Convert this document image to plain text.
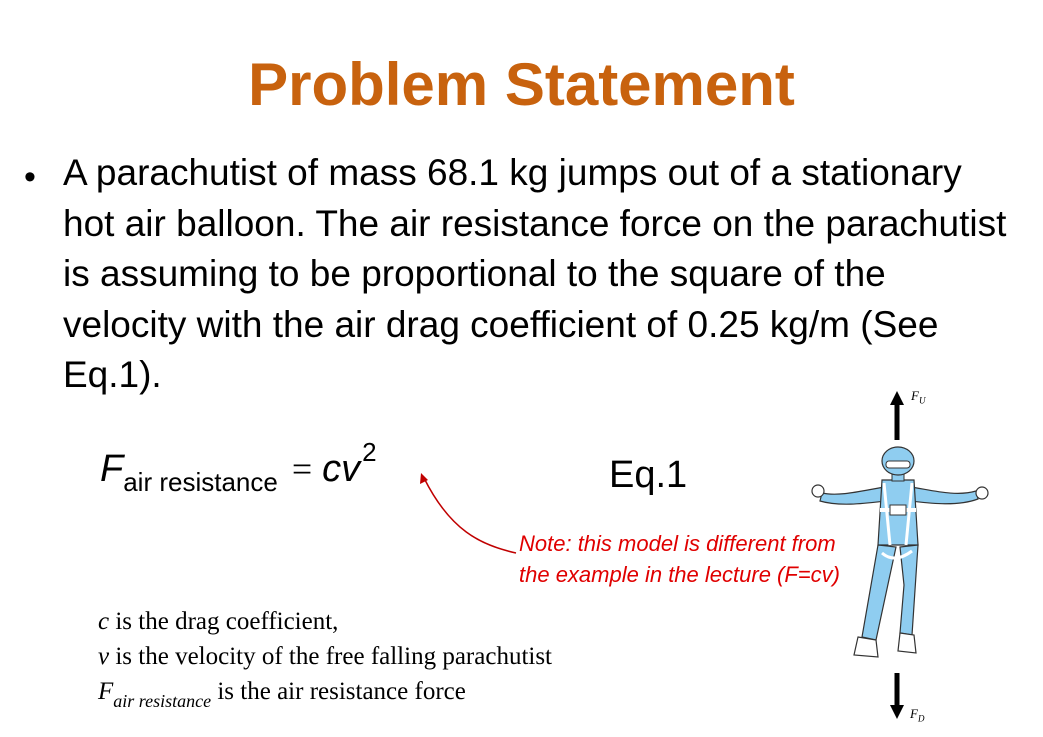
Problem Statement
• A parachutist of mass 68.1 kg jumps out of a stationary hot air balloon. The air resistance force on the parachutist is assuming to be proportional to the square of the velocity with the air drag coefficient of 0.25 kg/m (See Eq.1).
$F_{air resistance} = cv^2$
Eq.1
Note: this model is different from the example in the lecture (F=cv)
c is the drag coefficient,
v is the velocity of the free falling parachutist
$F_{air resistance}$ is the air resistance force
$F_U$
$F_D$
